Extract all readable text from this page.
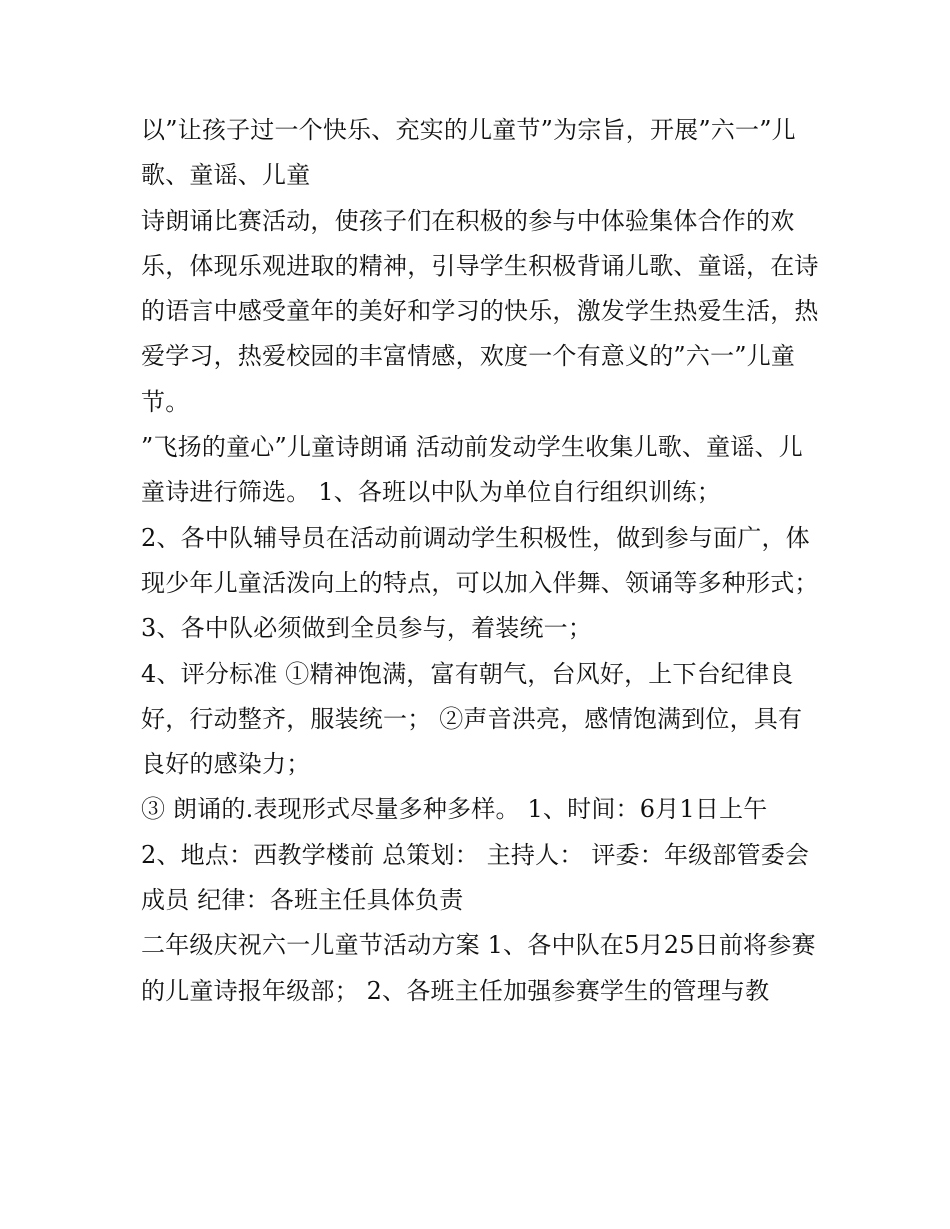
以”让孩子过一个快乐、充实的儿童节”为宗旨，开展”六一”儿歌、童谣、儿童

诗朗诵比赛活动，使孩子们在积极的参与中体验集体合作的欢乐，体现乐观进取的精神，引导学生积极背诵儿歌、童谣，在诗的语言中感受童年的美好和学习的快乐，激发学生热爱生活，热爱学习，热爱校园的丰富情感，欢度一个有意义的”六一”儿童节。

”飞扬的童心”儿童诗朗诵 活动前发动学生收集儿歌、童谣、儿童诗进行筛选。 1、各班以中队为单位自行组织训练；

2、各中队辅导员在活动前调动学生积极性，做到参与面广，体现少年儿童活泼向上的特点，可以加入伴舞、领诵等多种形式； 3、各中队必须做到全员参与，着装统一；

4、评分标准 ①精神饱满，富有朝气，台风好，上下台纪律良好，行动整齐，服装统一； ②声音洪亮，感情饱满到位，具有良好的感染力；

③ 朗诵的.表现形式尽量多种多样。 1、时间：6月1日上午

2、地点：西教学楼前 总策划： 主持人： 评委：年级部管委会成员 纪律：各班主任具体负责

二年级庆祝六一儿童节活动方案 1、各中队在5月25日前将参赛的儿童诗报年级部； 2、各班主任加强参赛学生的管理与教
